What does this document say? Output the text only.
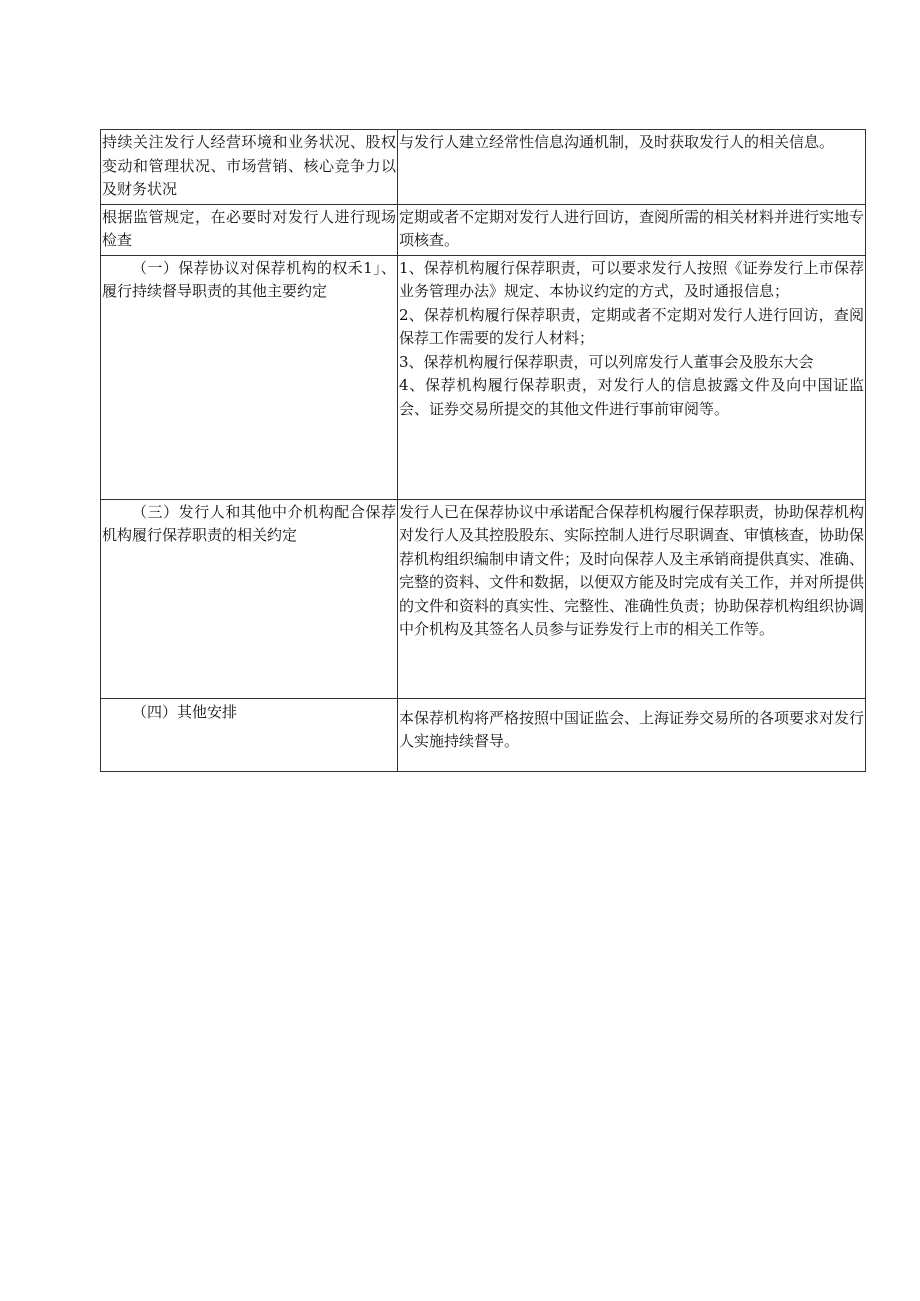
持续关注发行人经营环境和业务状况、股权变动和管理状况、市场营销、核心竞争力以及财务状况	与发行人建立经常性信息沟通机制，及时获取发行人的相关信息。

根据监管规定，在必要时对发行人进行现场检查	定期或者不定期对发行人进行回访，查阅所需的相关材料并进行实地专项核查。

（一）保荐协议对保荐机构的权禾1」、履行持续督导职责的其他主要约定	1、保荐机构履行保荐职责，可以要求发行人按照《证券发行上市保荐业务管理办法》规定、本协议约定的方式，及时通报信息；
2、保荐机构履行保荐职责，定期或者不定期对发行人进行回访，查阅保荐工作需要的发行人材料；
3、保荐机构履行保荐职责，可以列席发行人董事会及股东大会
4、保荐机构履行保荐职责，对发行人的信息披露文件及向中国证监会、证券交易所提交的其他文件进行事前审阅等。

（三）发行人和其他中介机构配合保荐机构履行保荐职责的相关约定	发行人已在保荐协议中承诺配合保荐机构履行保荐职责，协助保荐机构对发行人及其控股股东、实际控制人进行尽职调查、审慎核查，协助保荐机构组织编制申请文件；及时向保荐人及主承销商提供真实、准确、完整的资料、文件和数据，以便双方能及时完成有关工作，并对所提供的文件和资料的真实性、完整性、准确性负责；协助保荐机构组织协调中介机构及其签名人员参与证券发行上市的相关工作等。

（四）其他安排	本保荐机构将严格按照中国证监会、上海证券交易所的各项要求对发行人实施持续督导。
